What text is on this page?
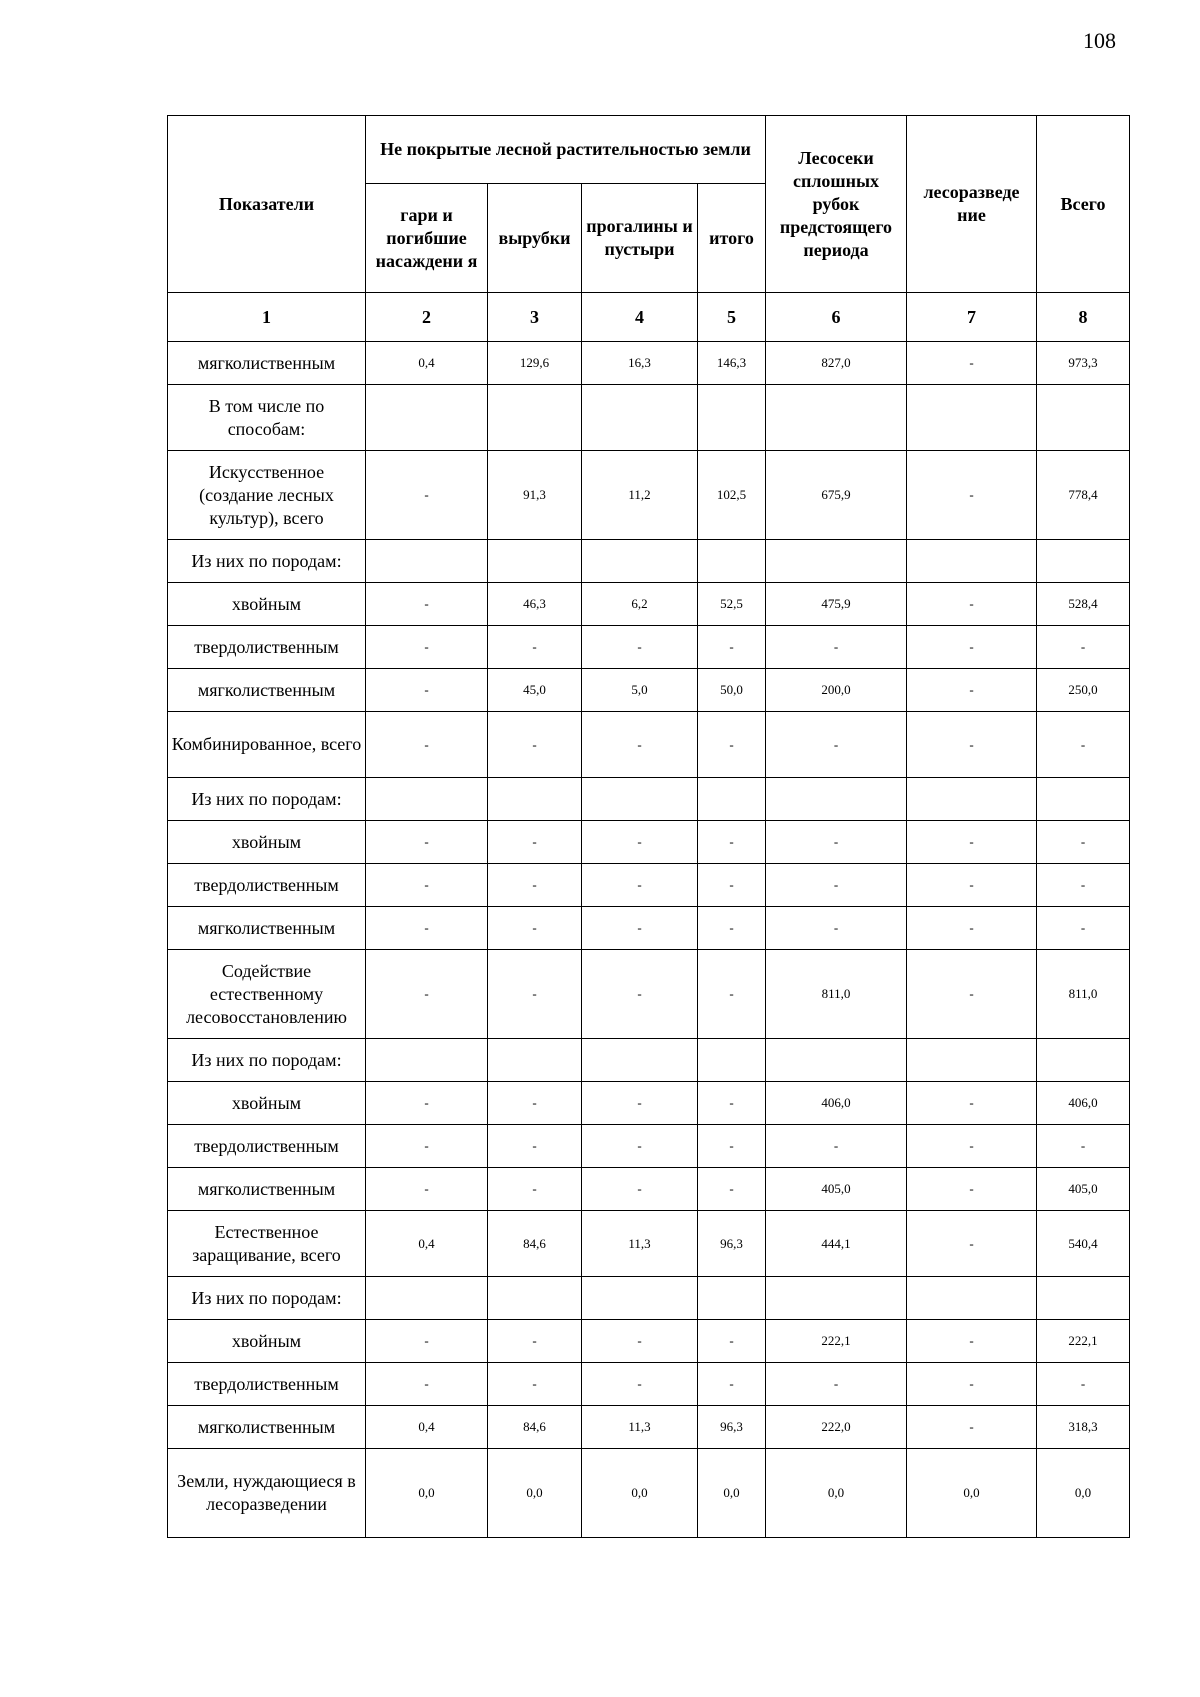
108
Показатели	Не покрытые лесной растительностью земли				Лесосеки сплошных рубок предстоящего периода	лесоразведе ние	Всего
	гари и погибшие насаждени я	вырубки	прогалины и пустыри	итого			
1	2	3	4	5	6	7	8
мягколиственным	0,4	129,6	16,3	146,3	827,0	-	973,3
В том числе по способам:							
Искусственное (создание лесных культур), всего	-	91,3	11,2	102,5	675,9	-	778,4
Из них по породам:							
хвойным	-	46,3	6,2	52,5	475,9	-	528,4
твердолиственным	-	-	-	-	-	-	-
мягколиственным	-	45,0	5,0	50,0	200,0	-	250,0
Комбинированное, всего	-	-	-	-	-	-	-
Из них по породам:							
хвойным	-	-	-	-	-	-	-
твердолиственным	-	-	-	-	-	-	-
мягколиственным	-	-	-	-	-	-	-
Содействие естественному лесовосстановлению	-	-	-	-	811,0	-	811,0
Из них по породам:							
хвойным	-	-	-	-	406,0	-	406,0
твердолиственным	-	-	-	-	-	-	-
мягколиственным	-	-	-	-	405,0	-	405,0
Естественное заращивание, всего	0,4	84,6	11,3	96,3	444,1	-	540,4
Из них по породам:							
хвойным	-	-	-	-	222,1	-	222,1
твердолиственным	-	-	-	-	-	-	-
мягколиственным	0,4	84,6	11,3	96,3	222,0	-	318,3
Земли, нуждающиеся в лесоразведении	0,0	0,0	0,0	0,0	0,0	0,0	0,0
